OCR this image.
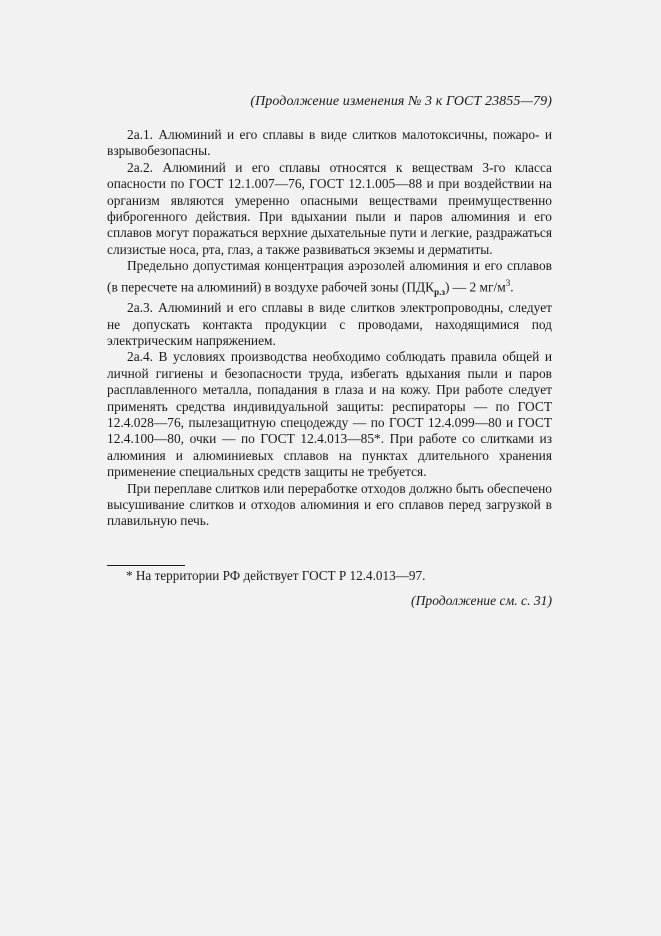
(Продолжение изменения № 3 к ГОСТ 23855—79)

2а.1. Алюминий и его сплавы в виде слитков малотоксичны, пожаро- и взрывобезопасны.

2а.2. Алюминий и его сплавы относятся к веществам 3-го класса опасности по ГОСТ 12.1.007—76, ГОСТ 12.1.005—88 и при воздействии на организм являются умеренно опасными веществами преимущественно фиброгенного действия. При вдыхании пыли и паров алюминия и его сплавов могут поражаться верхние дыхательные пути и легкие, раздражаться слизистые носа, рта, глаз, а также развиваться экземы и дерматиты.

Предельно допустимая концентрация аэрозолей алюминия и его сплавов (в пересчете на алюминий) в воздухе рабочей зоны $(ПДК_{р.з})$ — 2 $мг/м^3$.

2а.3. Алюминий и его сплавы в виде слитков электропроводны, следует не допускать контакта продукции с проводами, находящимися под электрическим напряжением.

2а.4. В условиях производства необходимо соблюдать правила общей и личной гигиены и безопасности труда, избегать вдыхания пыли и паров расплавленного металла, попадания в глаза и на кожу. При работе следует применять средства индивидуальной защиты: респираторы — по ГОСТ 12.4.028—76, пылезащитную спецодежду — по ГОСТ 12.4.099—80 и ГОСТ 12.4.100—80, очки — по ГОСТ 12.4.013—85*. При работе со слитками из алюминия и алюминиевых сплавов на пунктах длительного хранения применение специальных средств защиты не требуется.

При переплаве слитков или переработке отходов должно быть обеспечено высушивание слитков и отходов алюминия и его сплавов перед загрузкой в плавильную печь.

* На территории РФ действует ГОСТ Р 12.4.013—97.
(Продолжение см. с. 31)
